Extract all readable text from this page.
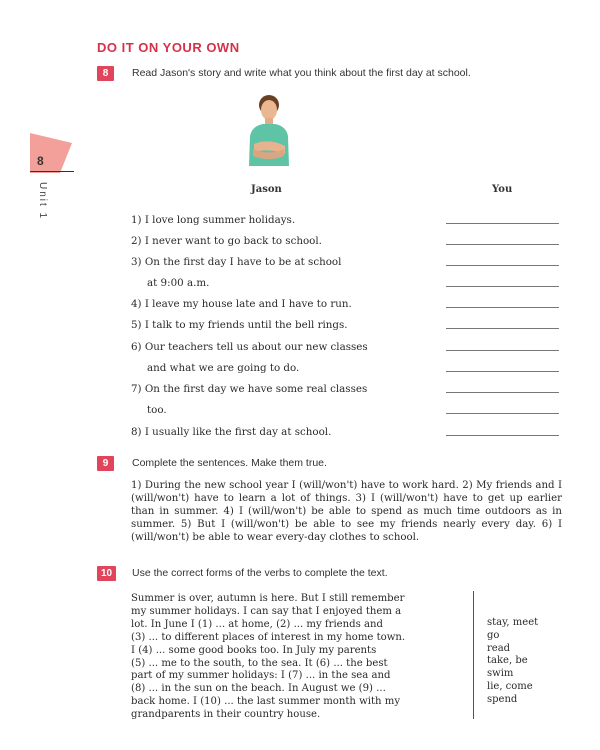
DO IT ON YOUR OWN
8
Unit 1
8	Read Jason's story and write what you think about the first day at school.
Jason	You
1) I love long summer holidays.
2) I never want to go back to school.
3) On the first day I have to be at school
at 9:00 a.m.
4) I leave my house late and I have to run.
5) I talk to my friends until the bell rings.
6) Our teachers tell us about our new classes
and what we are going to do.
7) On the first day we have some real classes
too.
8) I usually like the first day at school.
9	Complete the sentences. Make them true.
1) During the new school year I (will/won't) have to work hard. 2) My friends and I (will/won't) have to learn a lot of things. 3) I (will/won't) have to get up earlier than in summer. 4) I (will/won't) be able to spend as much time outdoors as in summer. 5) But I (will/won't) be able to see my friends nearly every day. 6) I (will/won't) be able to wear every-day clothes to school.
10	Use the correct forms of the verbs to complete the text.
Summer is over, autumn is here. But I still remember
my summer holidays. I can say that I enjoyed them a
lot. In June I (1) ... at home, (2) ... my friends and
(3) ... to different places of interest in my home town.
I (4) ... some good books too. In July my parents
(5) ... me to the south, to the sea. It (6) ... the best
part of my summer holidays: I (7) ... in the sea and
(8) ... in the sun on the beach. In August we (9) ...
back home. I (10) ... the last summer month with my
grandparents in their country house.
stay, meet
go
read
take, be
swim
lie, come
spend
